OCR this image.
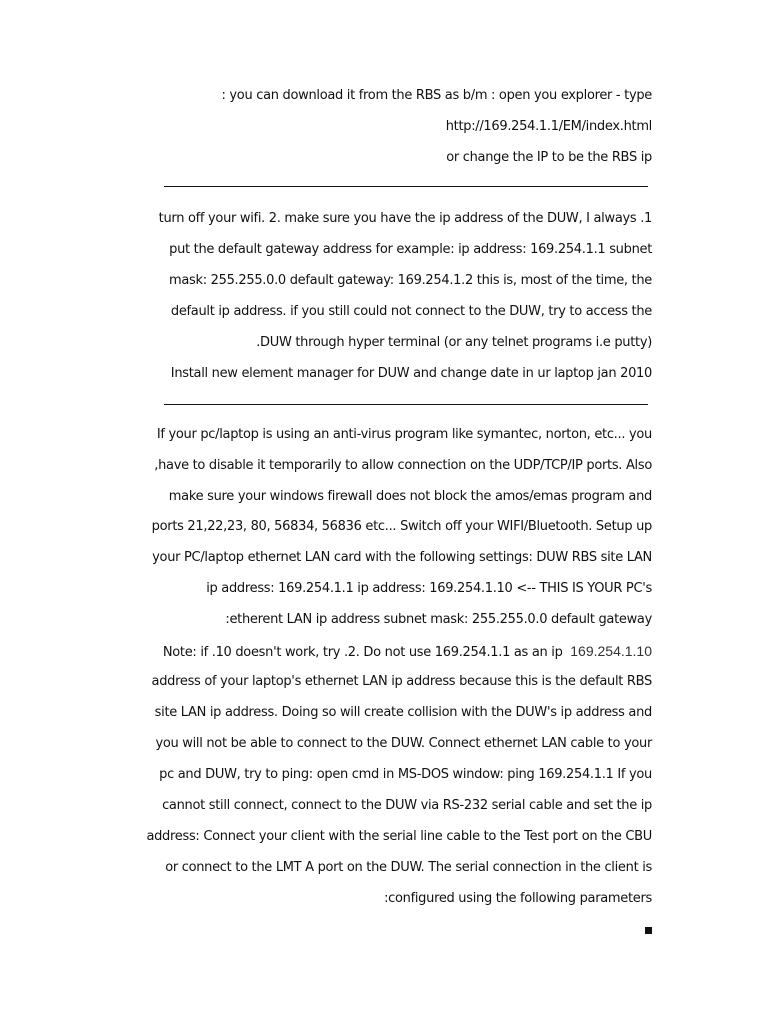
: you can download it from the RBS as b/m : open you explorer - type
http://169.254.1.1/EM/index.html
or change the IP to be the RBS ip
turn off your wifi. 2. make sure you have the ip address of the DUW, I always .1
put the default gateway address for example: ip address: 169.254.1.1 subnet
mask: 255.255.0.0 default gateway: 169.254.1.2 this is, most of the time, the
default ip address. if you still could not connect to the DUW, try to access the
.DUW through hyper terminal (or any telnet programs i.e putty)
Install new element manager for DUW and change date in ur laptop jan 2010
If your pc/laptop is using an anti-virus program like symantec, norton, etc... you
,have to disable it temporarily to allow connection on the UDP/TCP/IP ports. Also
make sure your windows firewall does not block the amos/emas program and
ports 21,22,23, 80, 56834, 56836 etc... Switch off your WIFI/Bluetooth. Setup up
your PC/laptop ethernet LAN card with the following settings: DUW RBS site LAN
ip address: 169.254.1.1 ip address: 169.254.1.10 <-- THIS IS YOUR PC's
:etherent LAN ip address subnet mask: 255.255.0.0 default gateway
Note: if .10 doesn't work, try .2. Do not use 169.254.1.1 as an ip 169.254.1.10
address of your laptop's ethernet LAN ip address because this is the default RBS
site LAN ip address. Doing so will create collision with the DUW's ip address and
you will not be able to connect to the DUW. Connect ethernet LAN cable to your
pc and DUW, try to ping: open cmd in MS-DOS window: ping 169.254.1.1 If you
cannot still connect, connect to the DUW via RS-232 serial cable and set the ip
address: Connect your client with the serial line cable to the Test port on the CBU
or connect to the LMT A port on the DUW. The serial connection in the client is
:configured using the following parameters
